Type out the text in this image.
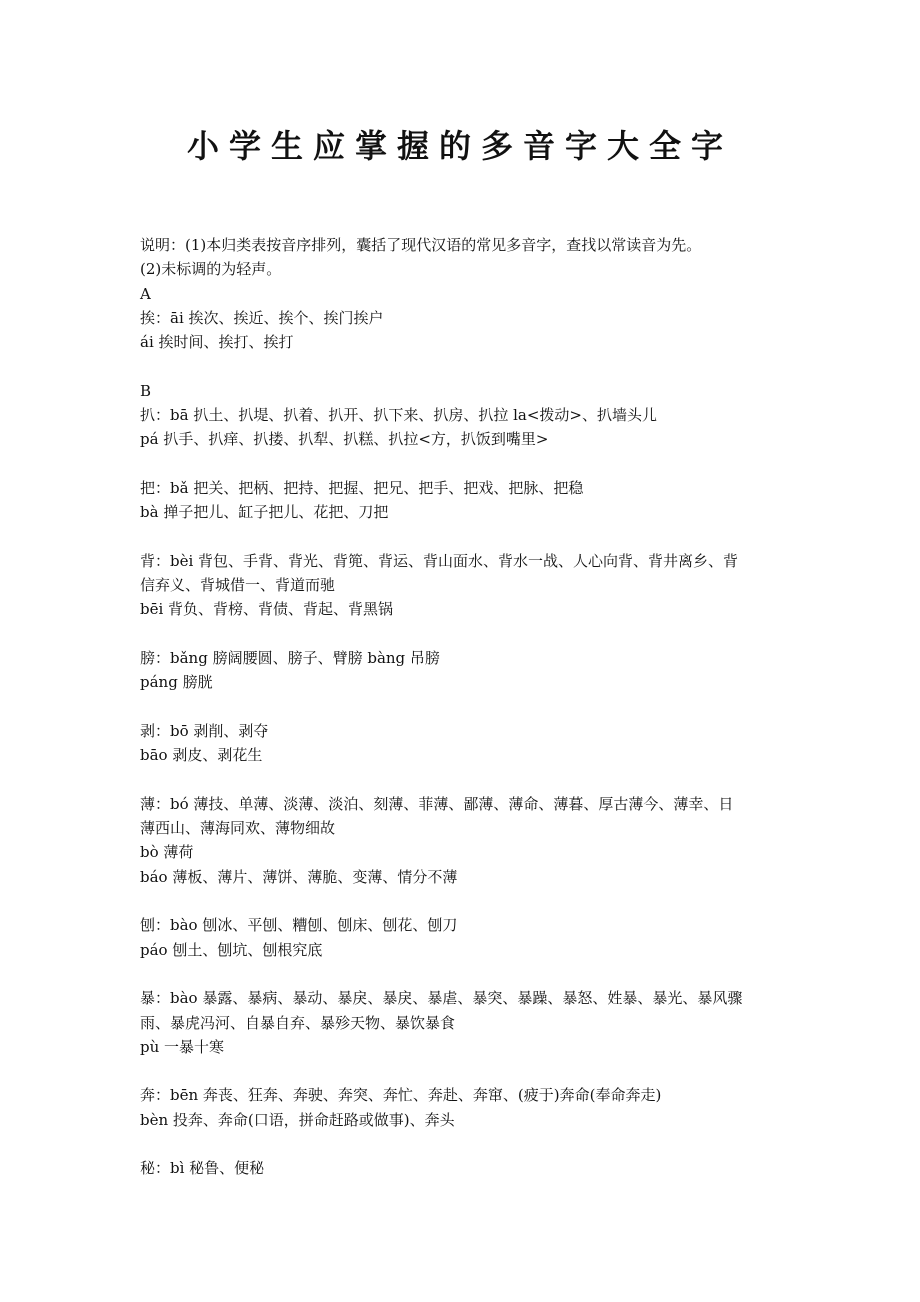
小学生应掌握的多音字大全字
说明：(1)本归类表按音序排列，囊括了现代汉语的常见多音字，查找以常读音为先。
(2)未标调的为轻声。
A
挨：āi 挨次、挨近、挨个、挨门挨户
ái 挨时间、挨打、挨打
B
扒：bā 扒土、扒堤、扒着、扒开、扒下来、扒房、扒拉 la<拨动>、扒墙头儿
pá 扒手、扒痒、扒搂、扒犁、扒糕、扒拉<方，扒饭到嘴里>
把：bǎ 把关、把柄、把持、把握、把兄、把手、把戏、把脉、把稳
bà 掸子把儿、缸子把儿、花把、刀把
背：bèi 背包、手背、背光、背篼、背运、背山面水、背水一战、人心向背、背井离乡、背
信弃义、背城借一、背道而驰
bēi 背负、背榜、背债、背起、背黑锅
膀：bǎng 膀阔腰圆、膀子、臂膀 bàng 吊膀
páng 膀胱
剥：bō 剥削、剥夺
bāo 剥皮、剥花生
薄：bó 薄技、单薄、淡薄、淡泊、刻薄、菲薄、鄙薄、薄命、薄暮、厚古薄今、薄幸、日
薄西山、薄海同欢、薄物细故
bò 薄荷
báo 薄板、薄片、薄饼、薄脆、变薄、情分不薄
刨：bào 刨冰、平刨、糟刨、刨床、刨花、刨刀
páo 刨土、刨坑、刨根究底
暴：bào 暴露、暴病、暴动、暴戾、暴戾、暴虐、暴突、暴躁、暴怒、姓暴、暴光、暴风骤
雨、暴虎冯河、自暴自弃、暴殄天物、暴饮暴食
pù 一暴十寒
奔：bēn 奔丧、狂奔、奔驶、奔突、奔忙、奔赴、奔窜、(疲于)奔命(奉命奔走)
bèn 投奔、奔命(口语，拼命赶路或做事)、奔头
秘：bì 秘鲁、便秘
